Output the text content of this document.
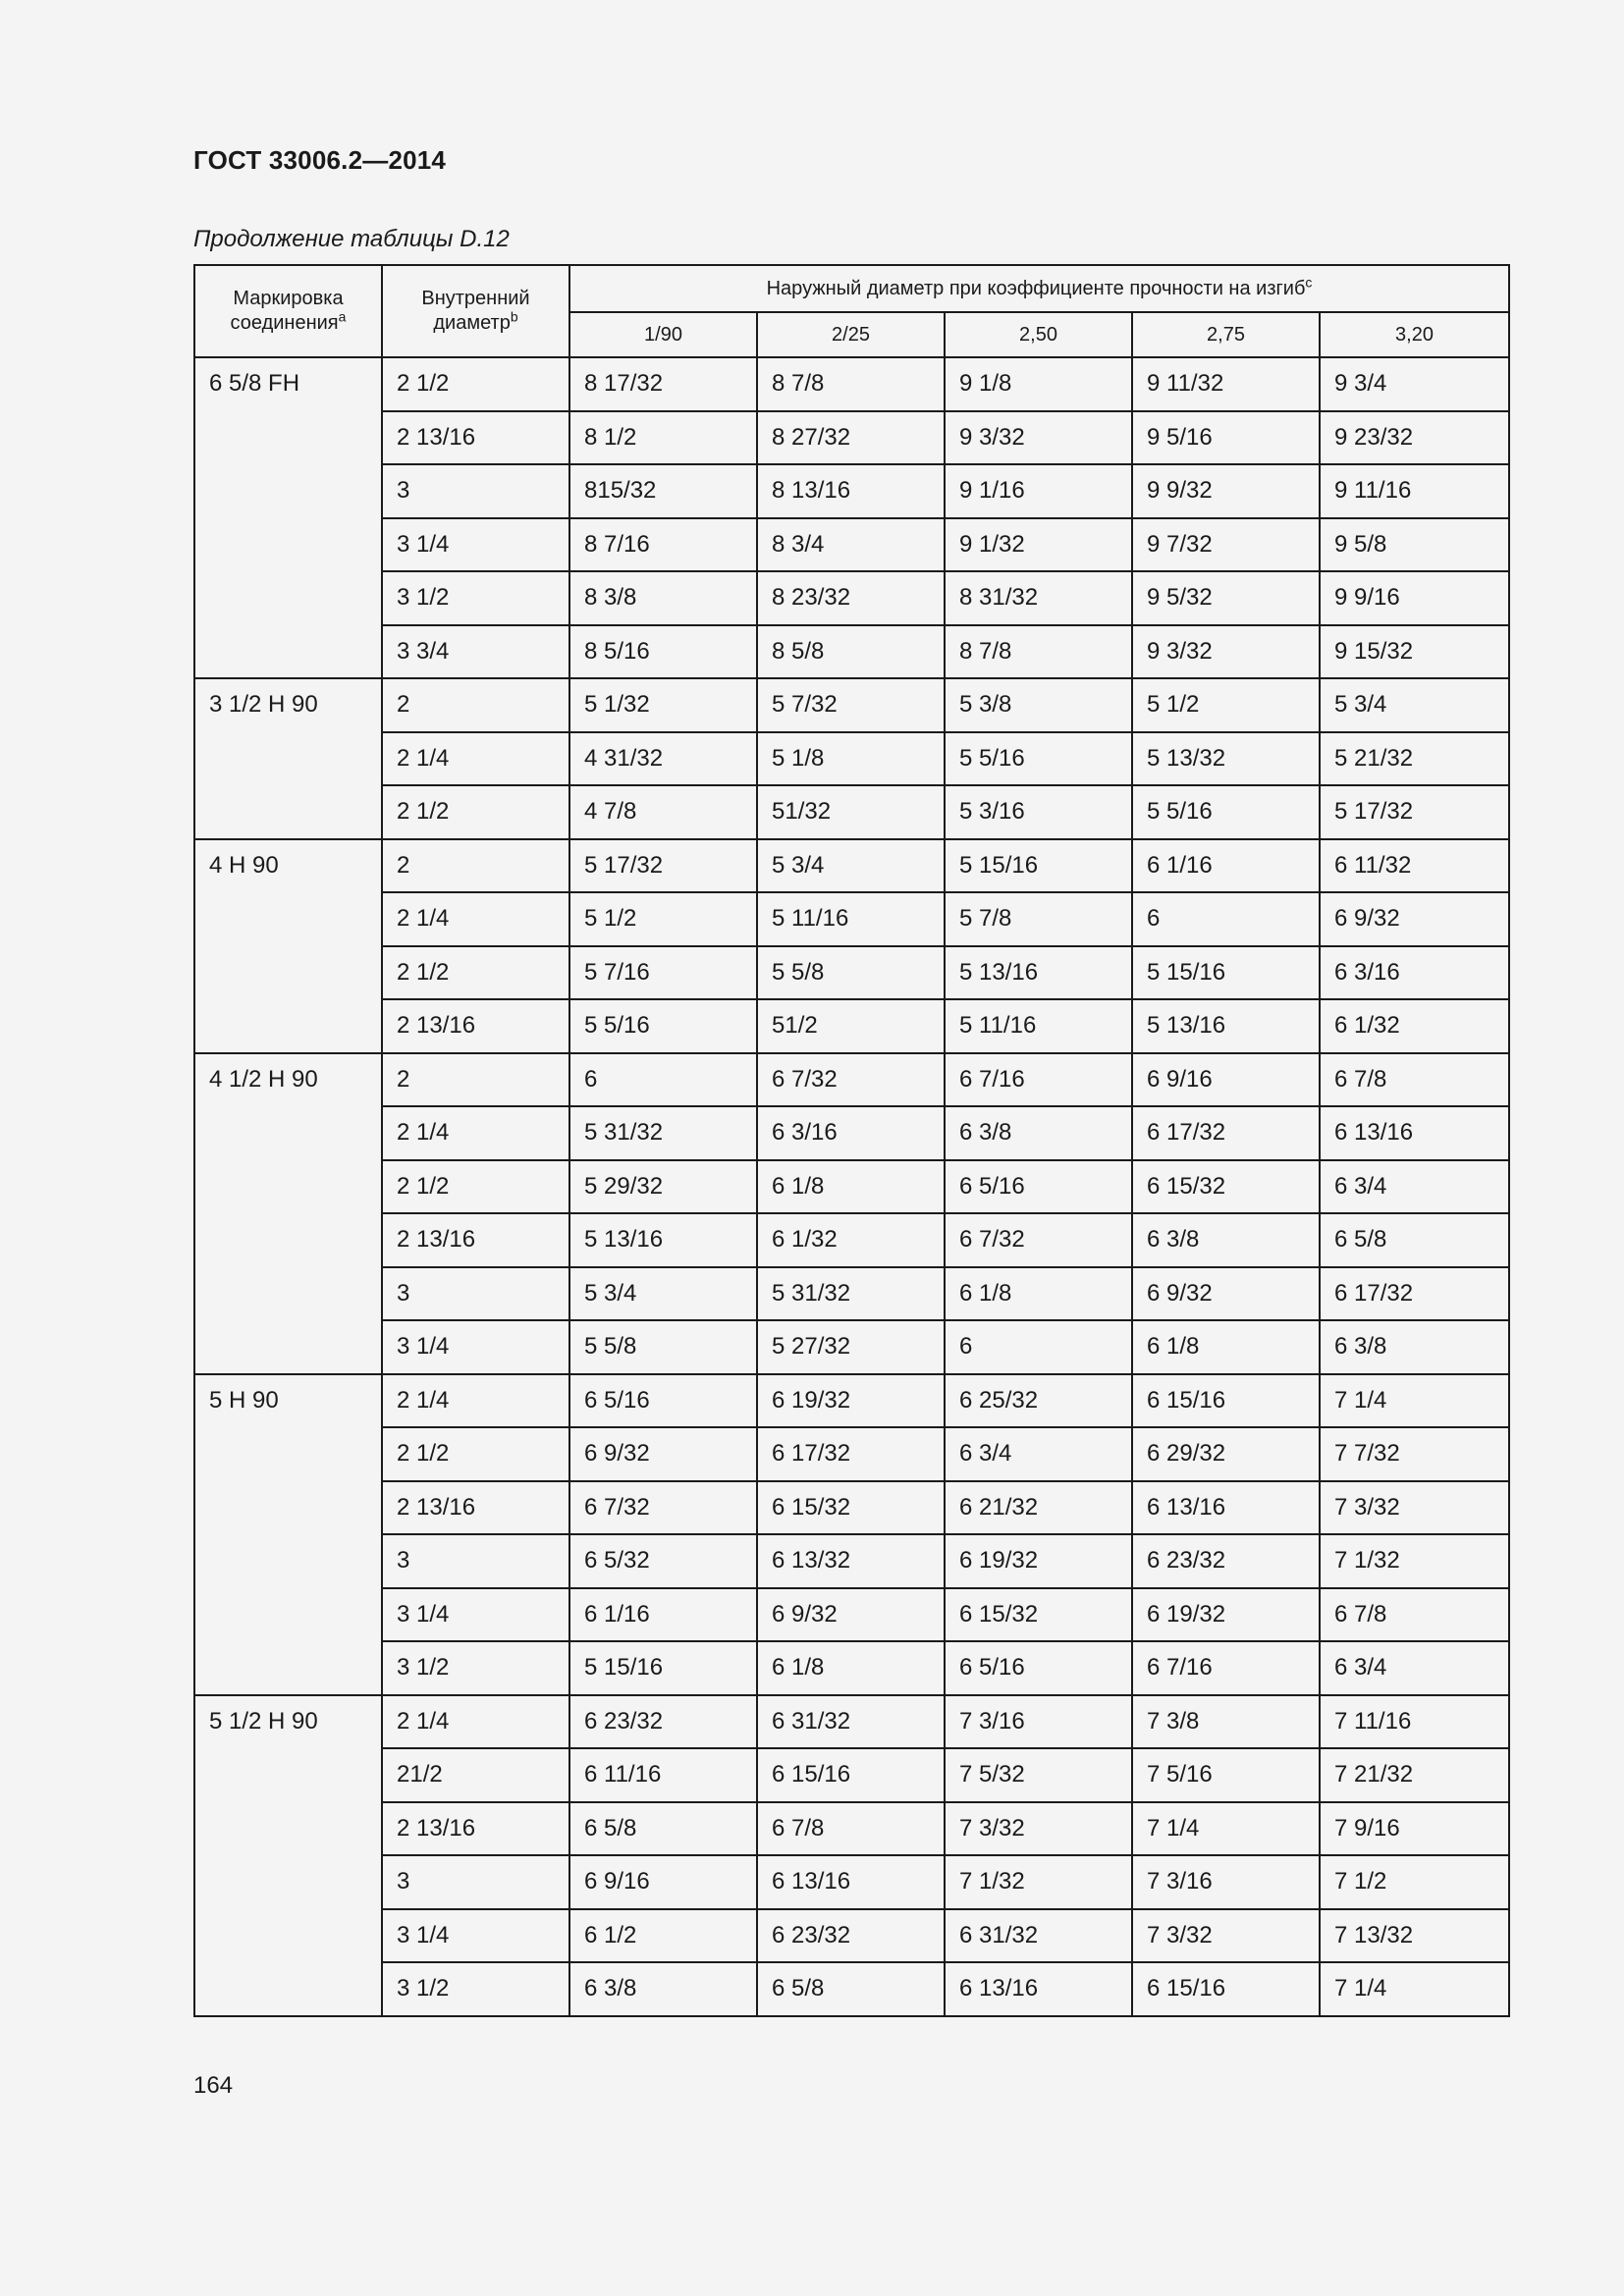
ГОСТ 33006.2—2014
Продолжение таблицы D.12
Маркировка соединения$^a$	Внутренний диаметр$^b$	Наружный диаметр при коэффициенте прочности на изгиб$^c$
		1/90	2/25	2,50	2,75	3,20
6 5/8 FH	2 1/2	8 17/32	8 7/8	9 1/8	9 11/32	9 3/4
	2 13/16	8 1/2	8 27/32	9 3/32	9 5/16	9 23/32
	3	815/32	8 13/16	9 1/16	9 9/32	9 11/16
	3 1/4	8 7/16	8 3/4	9 1/32	9 7/32	9 5/8
	3 1/2	8 3/8	8 23/32	8 31/32	9 5/32	9 9/16
	3 3/4	8 5/16	8 5/8	8 7/8	9 3/32	9 15/32
3 1/2 H 90	2	5 1/32	5 7/32	5 3/8	5 1/2	5 3/4
	2 1/4	4 31/32	5 1/8	5 5/16	5 13/32	5 21/32
	2 1/2	4 7/8	51/32	5 3/16	5 5/16	5 17/32
4 H 90	2	5 17/32	5 3/4	5 15/16	6 1/16	6 11/32
	2 1/4	5 1/2	5 11/16	5 7/8	6	6 9/32
	2 1/2	5 7/16	5 5/8	5 13/16	5 15/16	6 3/16
	2 13/16	5 5/16	51/2	5 11/16	5 13/16	6 1/32
4 1/2 H 90	2	6	6 7/32	6 7/16	6 9/16	6 7/8
	2 1/4	5 31/32	6 3/16	6 3/8	6 17/32	6 13/16
	2 1/2	5 29/32	6 1/8	6 5/16	6 15/32	6 3/4
	2 13/16	5 13/16	6 1/32	6 7/32	6 3/8	6 5/8
	3	5 3/4	5 31/32	6 1/8	6 9/32	6 17/32
	3 1/4	5 5/8	5 27/32	6	6 1/8	6 3/8
5 H 90	2 1/4	6 5/16	6 19/32	6 25/32	6 15/16	7 1/4
	2 1/2	6 9/32	6 17/32	6 3/4	6 29/32	7 7/32
	2 13/16	6 7/32	6 15/32	6 21/32	6 13/16	7 3/32
	3	6 5/32	6 13/32	6 19/32	6 23/32	7 1/32
	3 1/4	6 1/16	6 9/32	6 15/32	6 19/32	6 7/8
	3 1/2	5 15/16	6 1/8	6 5/16	6 7/16	6 3/4
5 1/2 H 90	2 1/4	6 23/32	6 31/32	7 3/16	7 3/8	7 11/16
	21/2	6 11/16	6 15/16	7 5/32	7 5/16	7 21/32
	2 13/16	6 5/8	6 7/8	7 3/32	7 1/4	7 9/16
	3	6 9/16	6 13/16	7 1/32	7 3/16	7 1/2
	3 1/4	6 1/2	6 23/32	6 31/32	7 3/32	7 13/32
	3 1/2	6 3/8	6 5/8	6 13/16	6 15/16	7 1/4
164
